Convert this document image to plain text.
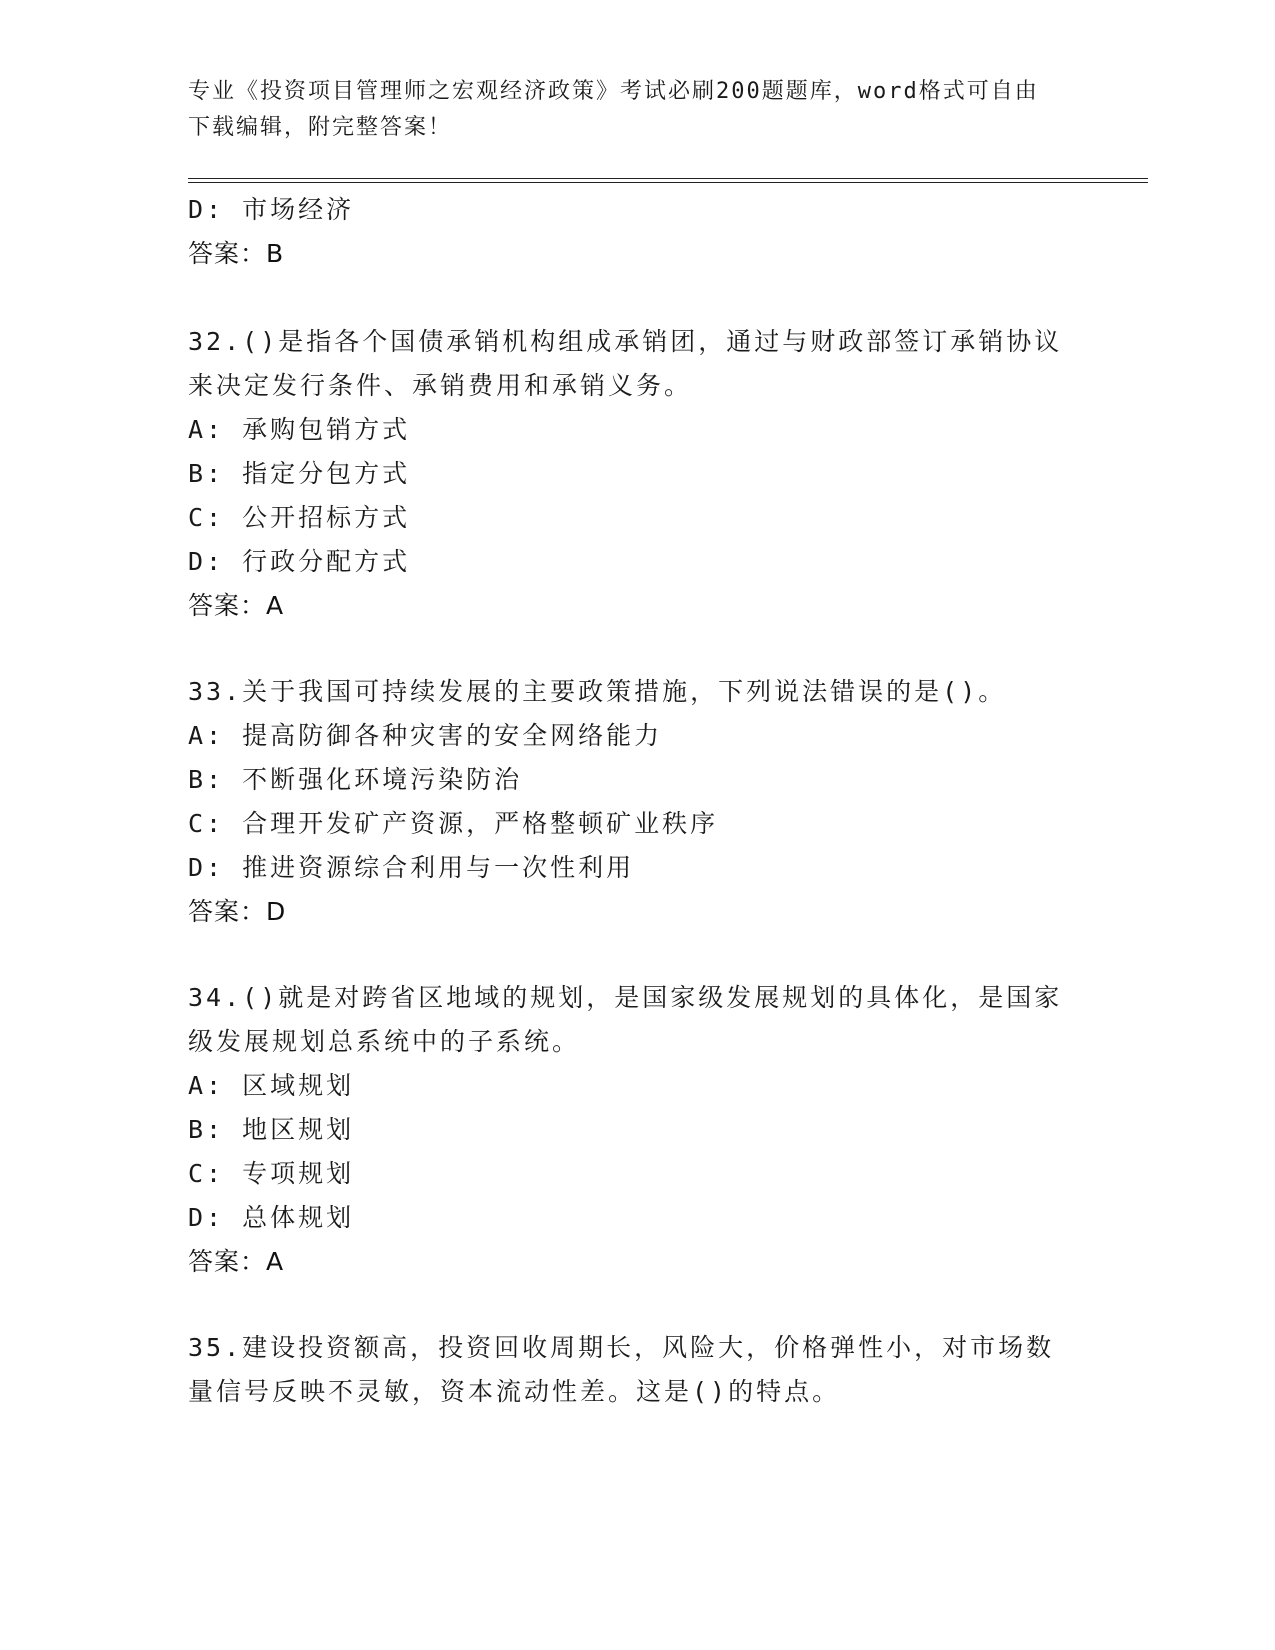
专业《投资项目管理师之宏观经济政策》考试必刷200题题库，word格式可自由
下载编辑，附完整答案！
D: 市场经济
答案：B
32.()是指各个国债承销机构组成承销团，通过与财政部签订承销协议
来决定发行条件、承销费用和承销义务。
A: 承购包销方式
B: 指定分包方式
C: 公开招标方式
D: 行政分配方式
答案：A
33.关于我国可持续发展的主要政策措施，下列说法错误的是()。
A: 提高防御各种灾害的安全网络能力
B: 不断强化环境污染防治
C: 合理开发矿产资源，严格整顿矿业秩序
D: 推进资源综合利用与一次性利用
答案：D
34.()就是对跨省区地域的规划，是国家级发展规划的具体化，是国家
级发展规划总系统中的子系统。
A: 区域规划
B: 地区规划
C: 专项规划
D: 总体规划
答案：A
35.建设投资额高，投资回收周期长，风险大，价格弹性小，对市场数
量信号反映不灵敏，资本流动性差。这是()的特点。
